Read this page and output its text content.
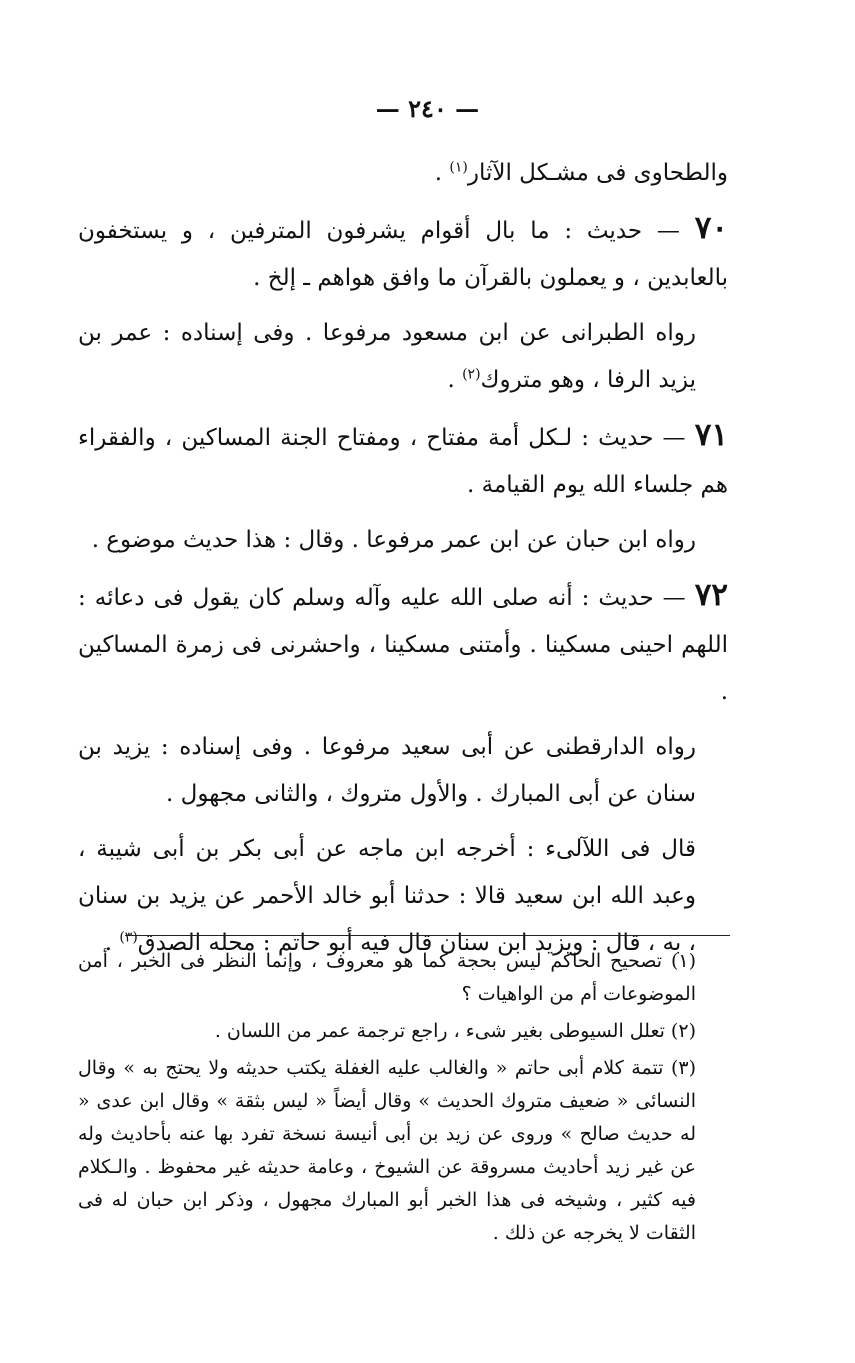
— ٢٤٠ —

والطحاوى فى مشـكل الآثار$^{(١)}$ .

٧٠ — حديث : ما بال أقوام يشرفون المترفين ، و يستخفون بالعابدين ، و يعملون بالقرآن ما وافق هواهم ـ إلخ .

رواه الطبرانى عن ابن مسعود مرفوعا . وفى إسناده : عمر بن يزيد الرفا ، وهو متروك$^{(٢)}$ .

٧١ — حديث : لـكل أمة مفتاح ، ومفتاح الجنة المساكين ، والفقراء هم جلساء الله يوم القيامة .

رواه ابن حبان عن ابن عمر مرفوعا . وقال : هذا حديث موضوع .

٧٢ — حديث : أنه صلى الله عليه وآله وسلم كان يقول فى دعائه : اللهم احينى مسكينا . وأمتنى مسكينا ، واحشرنى فى زمرة المساكين .

رواه الدارقطنى عن أبى سعيد مرفوعا . وفى إسناده : يزيد بن سنان عن أبى المبارك . والأول متروك ، والثانى مجهول .

قال فى اللآلىء : أخرجه ابن ماجه عن أبى بكر بن أبى شيبة ، وعبد الله ابن سعيد قالا : حدثنا أبو خالد الأحمر عن يزيد بن سنان ، به ، قال : ويزيد ابن سنان قال فيه أبو حاتم : محله الصدق$^{(٣)}$ .

(١) تصحيح الحاكم ليس بحجة كما هو معروف ، وإنما النظر فى الخبر ، أمن الموضوعات أم من الواهيات ؟

(٢) تعلل السيوطى بغير شىء ، راجع ترجمة عمر من اللسان .

(٣) تتمة كلام أبى حاتم « والغالب عليه الغفلة يكتب حديثه ولا يحتج به » وقال النسائى « ضعيف متروك الحديث » وقال أيضاً « ليس بثقة » وقال ابن عدى « له حديث صالح » وروى عن زيد بن أبى أنيسة نسخة تفرد بها عنه بأحاديث وله عن غير زيد أحاديث مسروقة عن الشيوخ ، وعامة حديثه غير محفوظ . والـكلام فيه كثير ، وشيخه فى هذا الخبر أبو المبارك مجهول ، وذكر ابن حبان له فى الثقات لا يخرجه عن ذلك .
